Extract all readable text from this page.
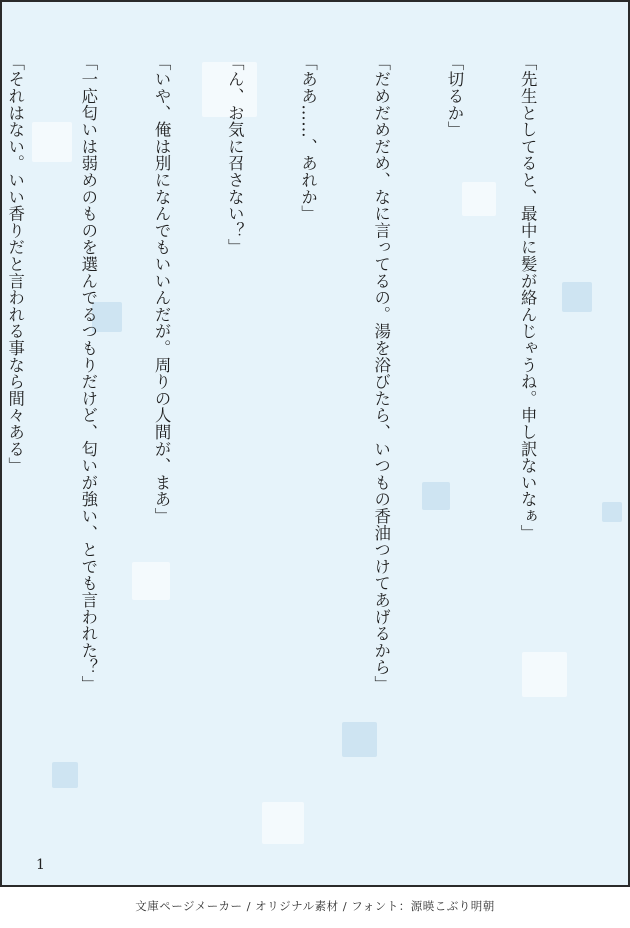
「先生としてると、最中に髪が絡んじゃうね。申し訳ないなぁ」

「切るか」

「だめだめだめ、なに言ってるの。湯を浴びたら、いつもの香油つけてあげるから」

「ああ……、あれか」

「ん、お気に召さない？」

「いや、俺は別になんでもいいんだが。周りの人間が、まあ」

「一応匂いは弱めのものを選んでるつもりだけど、匂いが強い、とでも言われた？」

「それはない。いい香りだと言われる事なら間々ある」

1
文庫ページメーカー / オリジナル素材 / フォント：源暎こぶり明朝
